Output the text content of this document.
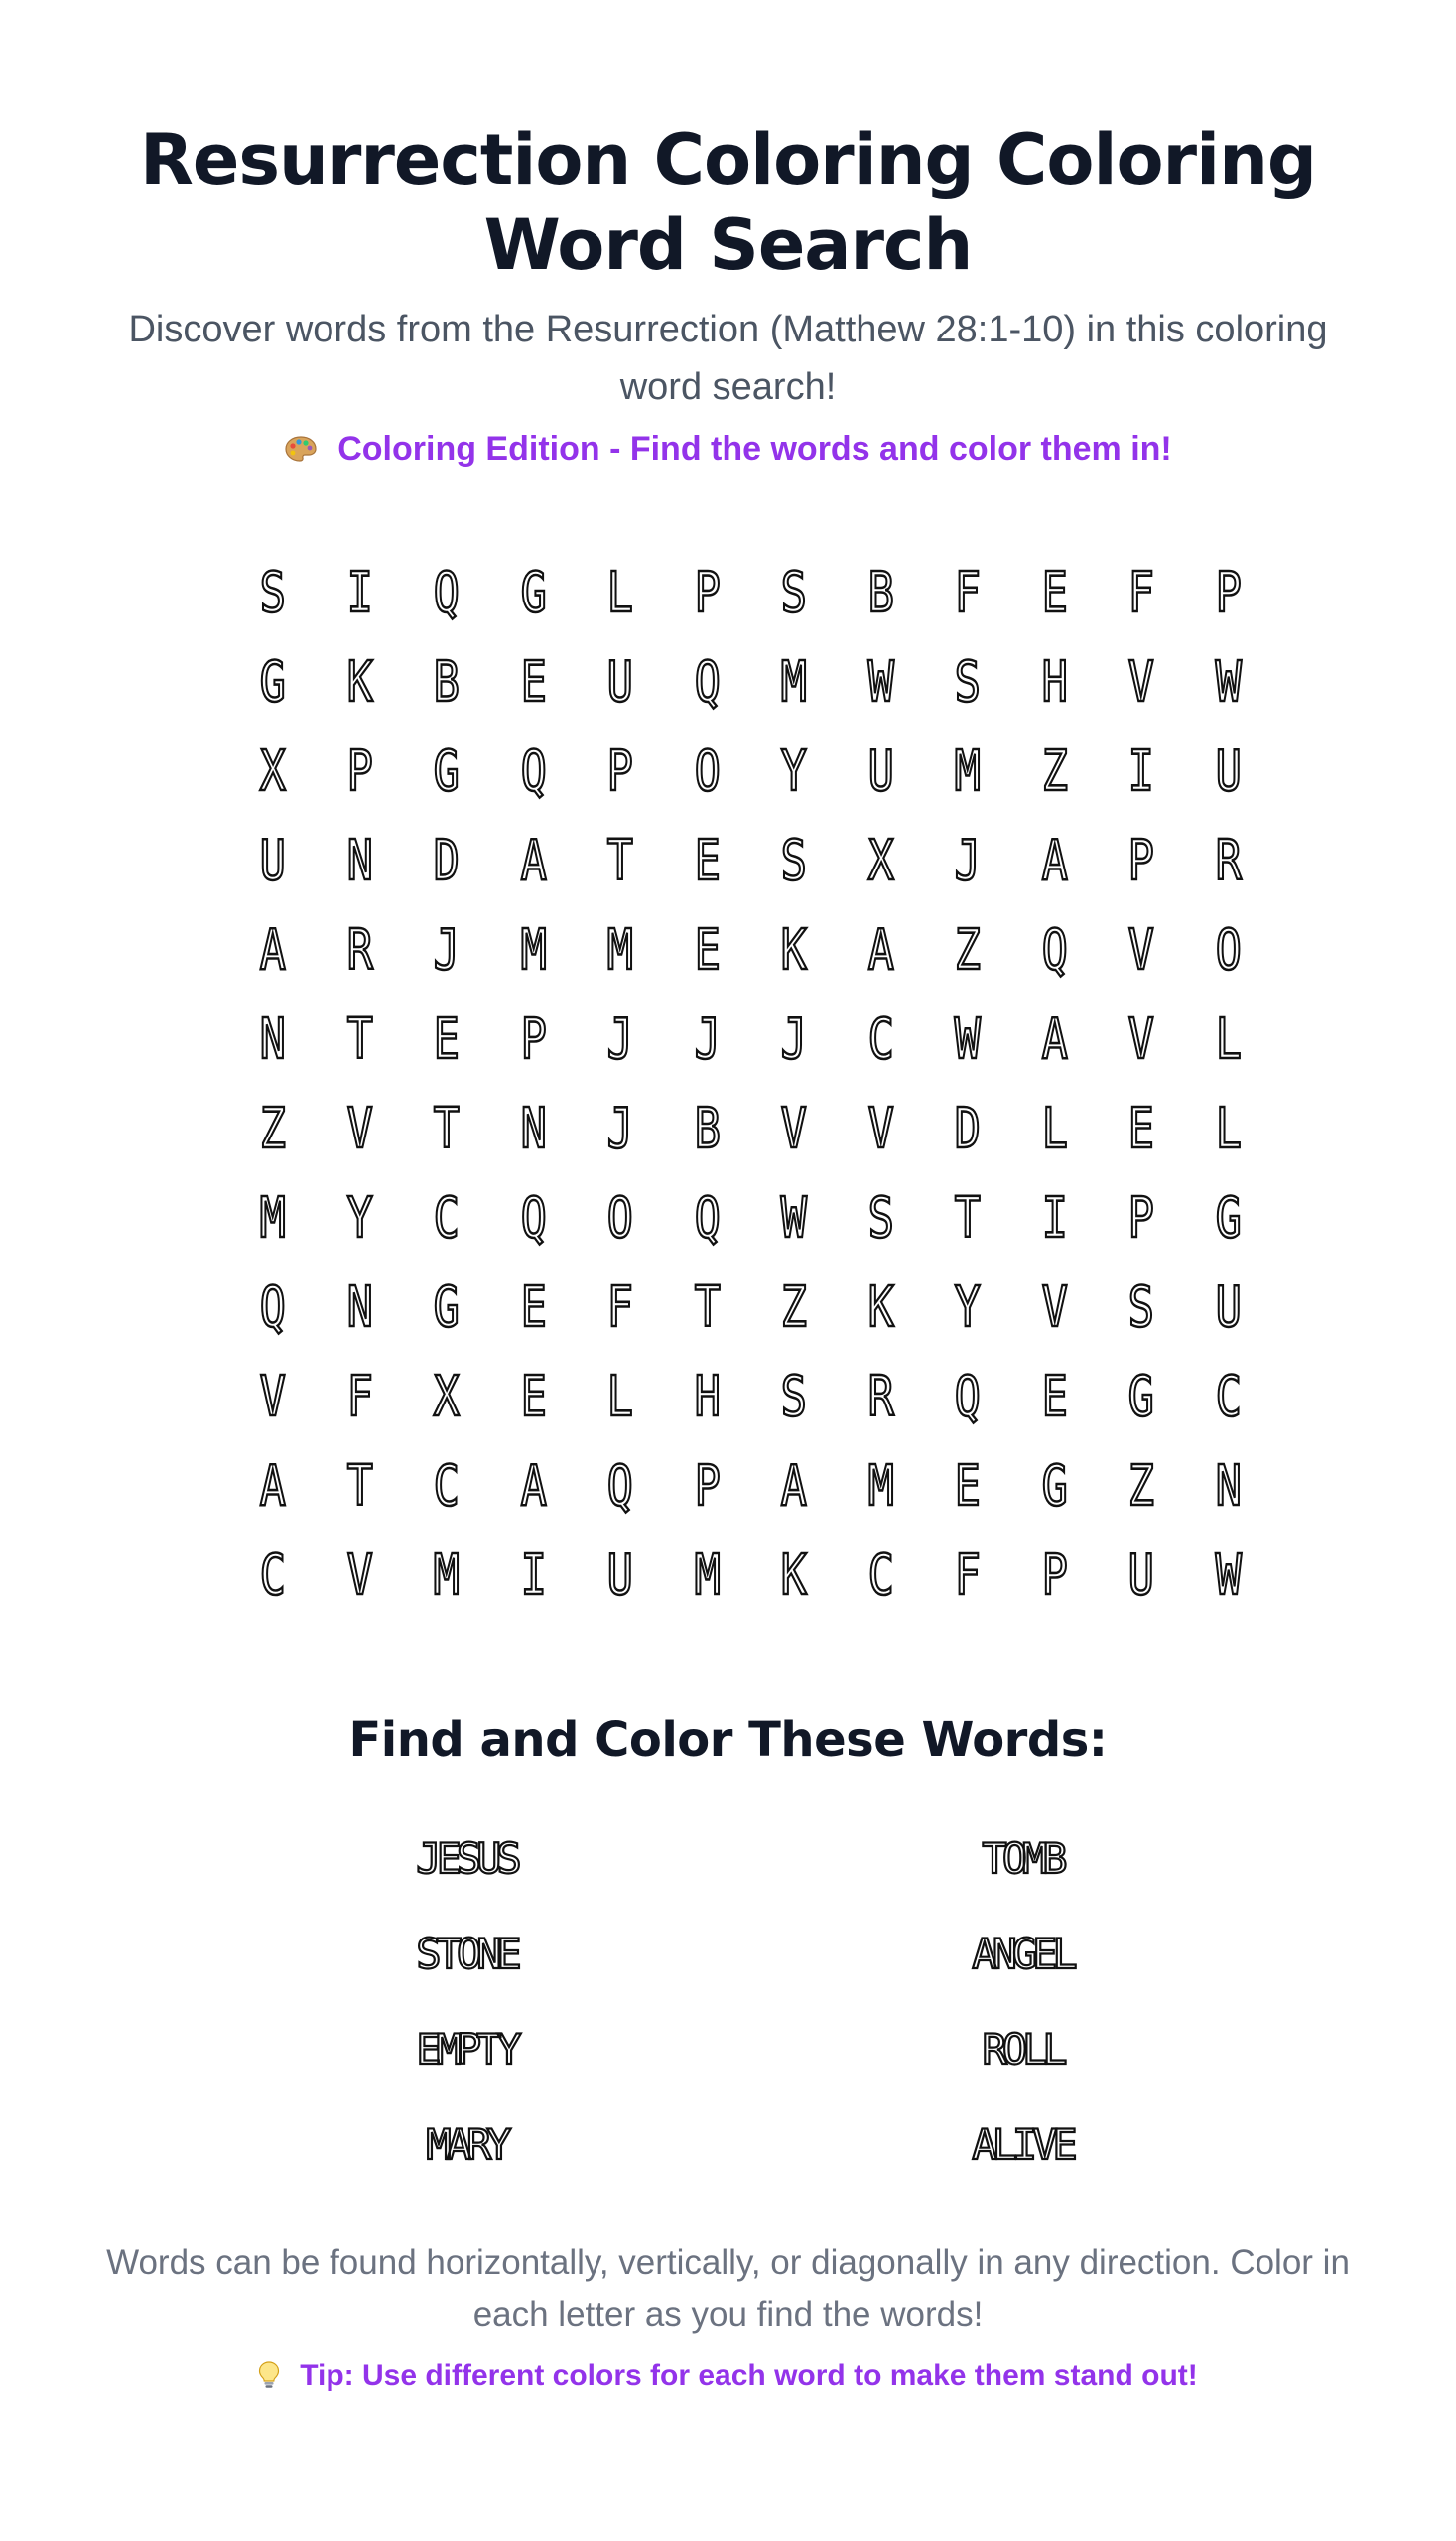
Resurrection Coloring Coloring Word Search

Discover words from the Resurrection (Matthew 28:1-10) in this coloring word search!

Coloring Edition - Find the words and color them in!
S	I	Q	G	L	P	S	B	F	E	F	P
G	K	B	E	U	Q	M	W	S	H	V	W
X	P	G	Q	P	O	Y	U	M	Z	I	U
U	N	D	A	T	E	S	X	J	A	P	R
A	R	J	M	M	E	K	A	Z	Q	V	O
N	T	E	P	J	J	J	C	W	A	V	L
Z	V	T	N	J	B	V	V	D	L	E	L
M	Y	C	Q	O	Q	W	S	T	I	P	G
Q	N	G	E	F	T	Z	K	Y	V	S	U
V	F	X	E	L	H	S	R	Q	E	G	C
A	T	C	A	Q	P	A	M	E	G	Z	N
C	V	M	I	U	M	K	C	F	P	U	W
Find and Color These Words:
JESUS	TOMB
STONE	ANGEL
EMPTY	ROLL
MARY	ALIVE

Words can be found horizontally, vertically, or diagonally in any direction. Color in each letter as you find the words!

Tip: Use different colors for each word to make them stand out!
